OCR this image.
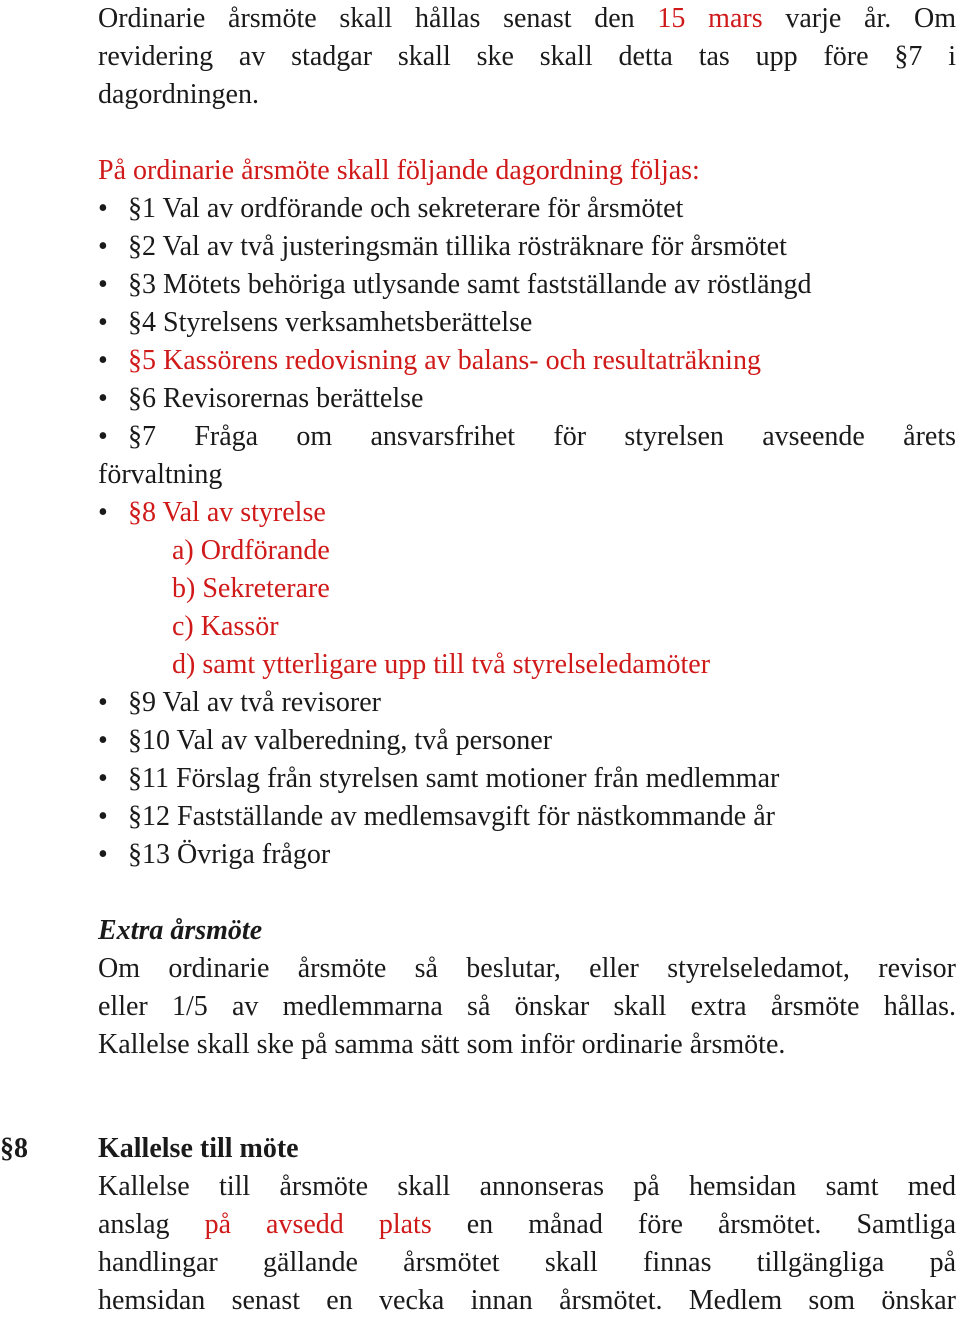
Ordinarie årsmöte skall hållas senast den 15 mars varje år. Om
revidering av stadgar skall ske skall detta tas upp före §7 i
dagordningen.
På ordinarie årsmöte skall följande dagordning följas:
• §1 Val av ordförande och sekreterare för årsmötet
• §2 Val av två justeringsmän tillika rösträknare för årsmötet
• §3 Mötets behöriga utlysande samt fastställande av röstlängd
• §4 Styrelsens verksamhetsberättelse
• §5 Kassörens redovisning av balans- och resultaträkning
• §6 Revisorernas berättelse
• §7 Fråga om ansvarsfrihet för styrelsen avseende årets
förvaltning
• §8 Val av styrelse
a) Ordförande
b) Sekreterare
c) Kassör
d) samt ytterligare upp till två styrelseledamöter
• §9 Val av två revisorer
• §10 Val av valberedning, två personer
• §11 Förslag från styrelsen samt motioner från medlemmar
• §12 Fastställande av medlemsavgift för nästkommande år
• §13 Övriga frågor
Extra årsmöte
Om ordinarie årsmöte så beslutar, eller styrelseledamot, revisor
eller 1/5 av medlemmarna så önskar skall extra årsmöte hållas.
Kallelse skall ske på samma sätt som inför ordinarie årsmöte.
§8	Kallelse till möte
Kallelse till årsmöte skall annonseras på hemsidan samt med
anslag på avsedd plats en månad före årsmötet. Samtliga
handlingar gällande årsmötet skall finnas tillgängliga på
hemsidan senast en vecka innan årsmötet. Medlem som önskar
